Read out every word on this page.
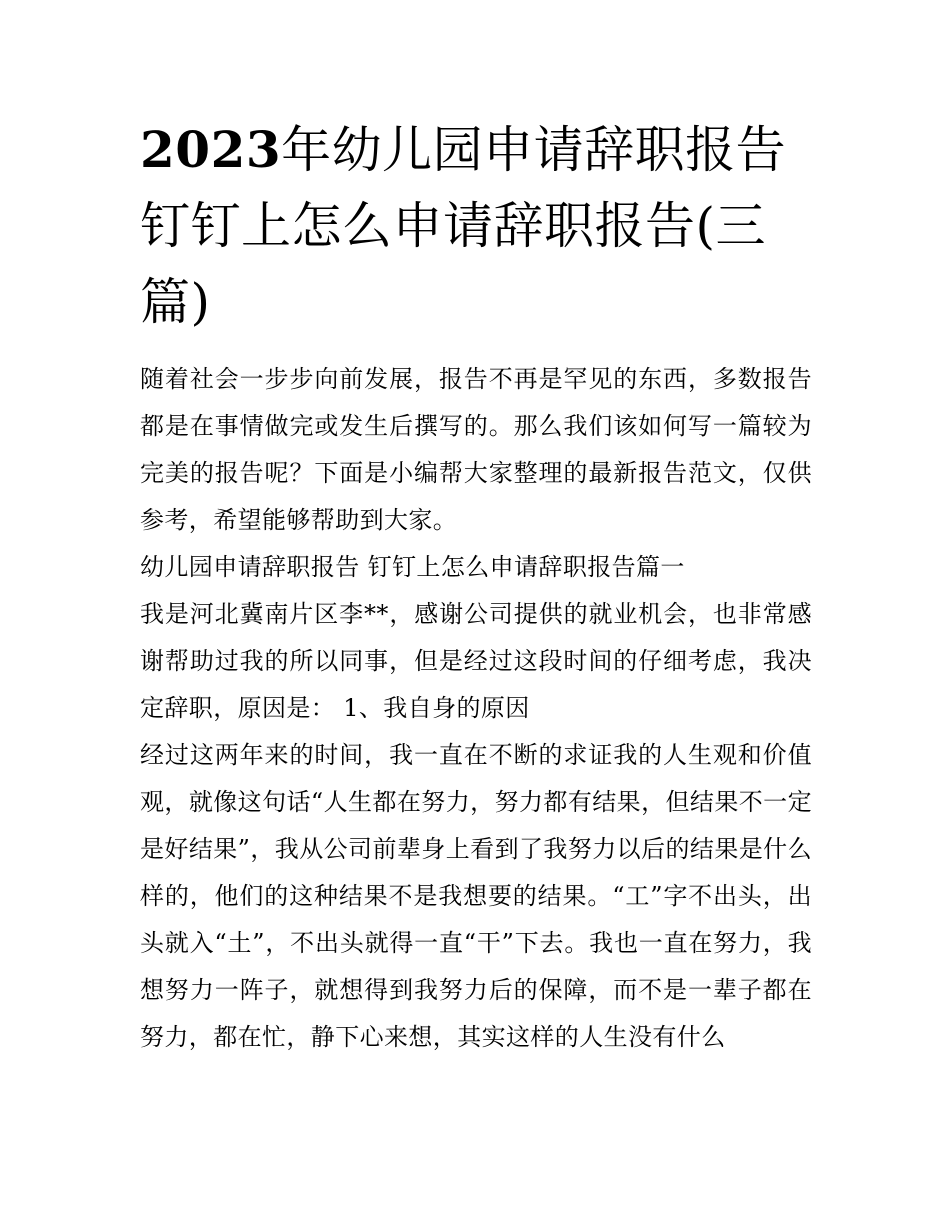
2023年幼儿园申请辞职报告 钉钉上怎么申请辞职报告(三篇)

随着社会一步步向前发展，报告不再是罕见的东西，多数报告都是在事情做完或发生后撰写的。那么我们该如何写一篇较为完美的报告呢？下面是小编帮大家整理的最新报告范文，仅供参考，希望能够帮助到大家。

幼儿园申请辞职报告 钉钉上怎么申请辞职报告篇一

我是河北冀南片区李**，感谢公司提供的就业机会，也非常感谢帮助过我的所以同事，但是经过这段时间的仔细考虑，我决定辞职，原因是： 1、我自身的原因

经过这两年来的时间，我一直在不断的求证我的人生观和价值观，就像这句话“人生都在努力，努力都有结果，但结果不一定是好结果”，我从公司前辈身上看到了我努力以后的结果是什么样的，他们的这种结果不是我想要的结果。“工”字不出头，出头就入“土”，不出头就得一直“干”下去。我也一直在努力，我想努力一阵子，就想得到我努力后的保障，而不是一辈子都在努力，都在忙，静下心来想，其实这样的人生没有什么
